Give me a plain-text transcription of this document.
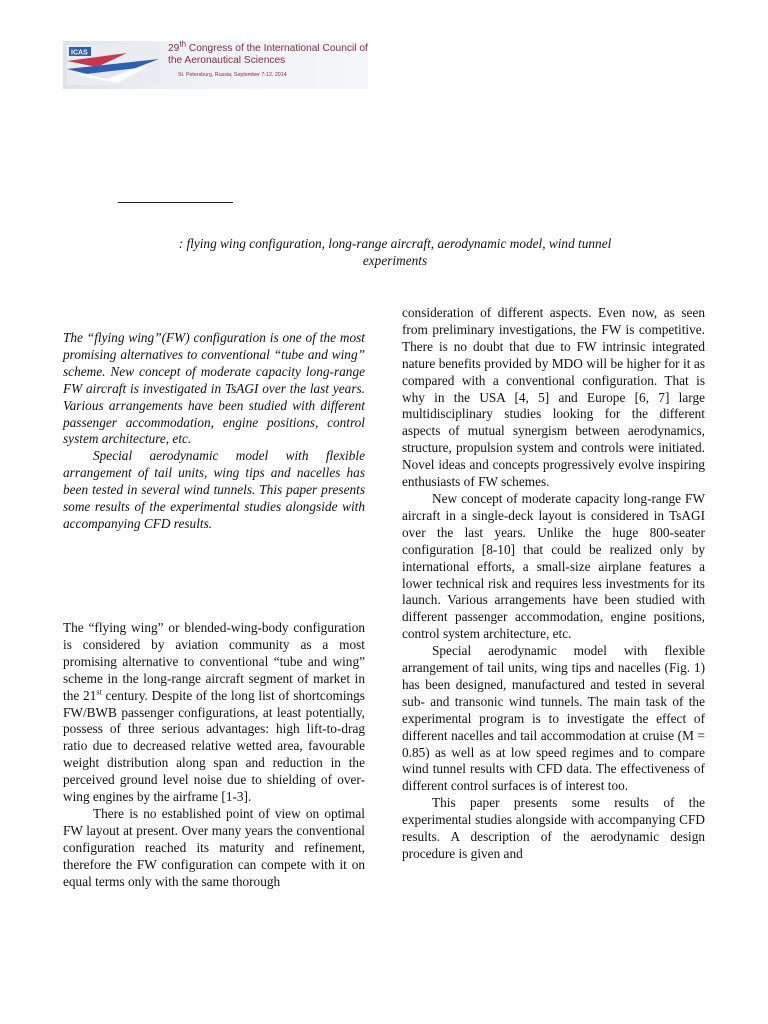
ICAS	29th Congress of the International Council of the Aeronautical Sciences
St. Petersburg, Russia; September 7-12, 2014
: flying wing configuration, long-range aircraft, aerodynamic model, wind tunnel experiments

The “flying wing”(FW) configuration is one of the most promising alternatives to conventional “tube and wing” scheme. New concept of moderate capacity long-range FW aircraft is investigated in TsAGI over the last years. Various arrangements have been studied with different passenger accommodation, engine positions, control system architecture, etc.

Special aerodynamic model with flexible arrangement of tail units, wing tips and nacelles has been tested in several wind tunnels. This paper presents some results of the experimental studies alongside with accompanying CFD results.

The “flying wing” or blended-wing-body configuration is considered by aviation community as a most promising alternative to conventional “tube and wing” scheme in the long-range aircraft segment of market in the 21st century. Despite of the long list of shortcomings FW/BWB passenger configurations, at least potentially, possess of three serious advantages: high lift-to-drag ratio due to decreased relative wetted area, favourable weight distribution along span and reduction in the perceived ground level noise due to shielding of over-wing engines by the airframe [1-3].

There is no established point of view on optimal FW layout at present. Over many years the conventional configuration reached its maturity and refinement, therefore the FW configuration can compete with it on equal terms only with the same thorough

consideration of different aspects. Even now, as seen from preliminary investigations, the FW is competitive. There is no doubt that due to FW intrinsic integrated nature benefits provided by MDO will be higher for it as compared with a conventional configuration. That is why in the USA [4, 5] and Europe [6, 7] large multidisciplinary studies looking for the different aspects of mutual synergism between aerodynamics, structure, propulsion system and controls were initiated. Novel ideas and concepts progressively evolve inspiring enthusiasts of FW schemes.

New concept of moderate capacity long-range FW aircraft in a single-deck layout is considered in TsAGI over the last years. Unlike the huge 800-seater configuration [8-10] that could be realized only by international efforts, a small-size airplane features a lower technical risk and requires less investments for its launch. Various arrangements have been studied with different passenger accommodation, engine positions, control system architecture, etc.

Special aerodynamic model with flexible arrangement of tail units, wing tips and nacelles (Fig. 1) has been designed, manufactured and tested in several sub- and transonic wind tunnels. The main task of the experimental program is to investigate the effect of different nacelles and tail accommodation at cruise (M = 0.85) as well as at low speed regimes and to compare wind tunnel results with CFD data. The effectiveness of different control surfaces is of interest too.

This paper presents some results of the experimental studies alongside with accompanying CFD results. A description of the aerodynamic design procedure is given and
